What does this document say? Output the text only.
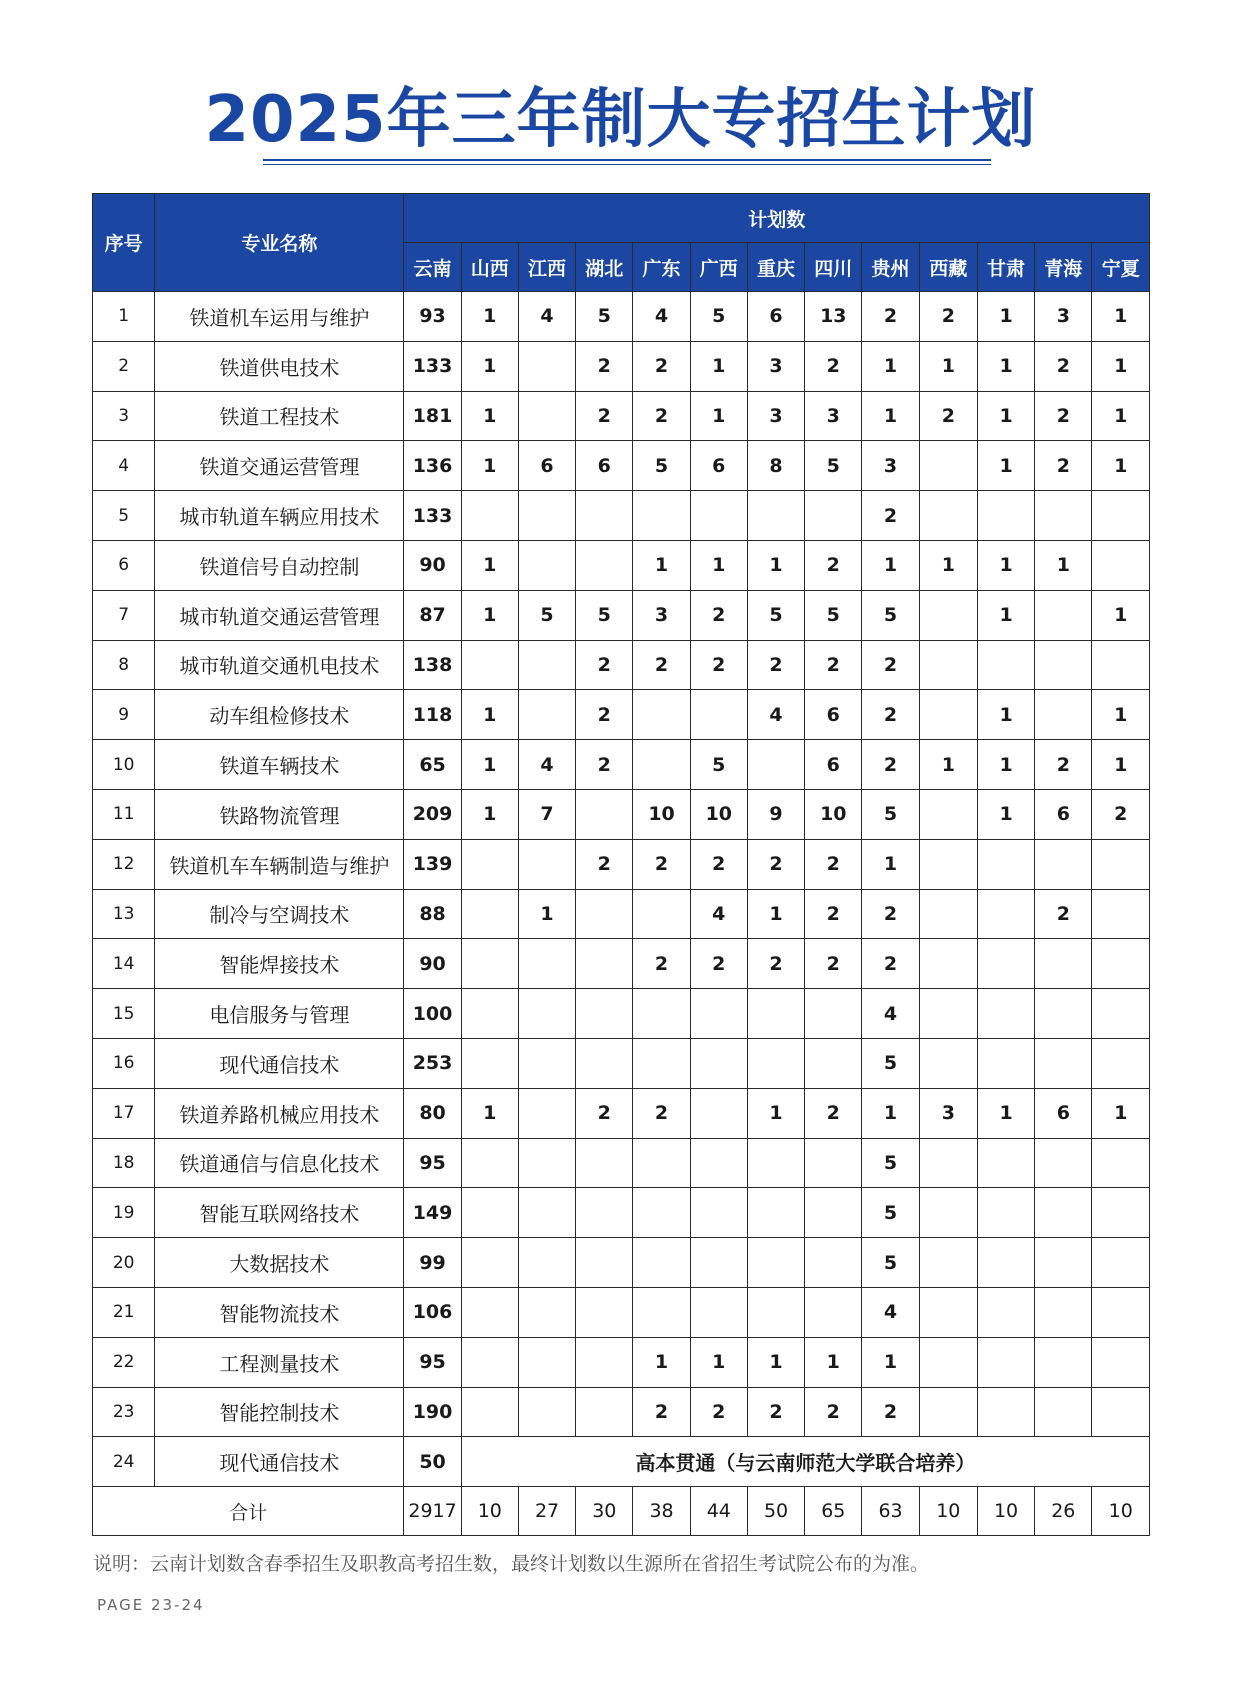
2025年三年制大专招生计划
序号	专业名称	计划数												
		云南	山西	江西	湖北	广东	广西	重庆	四川	贵州	西藏	甘肃	青海	宁夏
1	铁道机车运用与维护	93	1	4	5	4	5	6	13	2	2	1	3	1
2	铁道供电技术	133	1		2	2	1	3	2	1	1	1	2	1
3	铁道工程技术	181	1		2	2	1	3	3	1	2	1	2	1
4	铁道交通运营管理	136	1	6	6	5	6	8	5	3		1	2	1
5	城市轨道车辆应用技术	133								2				
6	铁道信号自动控制	90	1			1	1	1	2	1	1	1	1	
7	城市轨道交通运营管理	87	1	5	5	3	2	5	5	5		1		1
8	城市轨道交通机电技术	138			2	2	2	2	2	2				
9	动车组检修技术	118	1		2			4	6	2		1		1
10	铁道车辆技术	65	1	4	2		5		6	2	1	1	2	1
11	铁路物流管理	209	1	7		10	10	9	10	5		1	6	2
12	铁道机车车辆制造与维护	139			2	2	2	2	2	1				
13	制冷与空调技术	88		1			4	1	2	2			2	
14	智能焊接技术	90				2	2	2	2	2				
15	电信服务与管理	100								4				
16	现代通信技术	253								5				
17	铁道养路机械应用技术	80	1		2	2		1	2	1	3	1	6	1
18	铁道通信与信息化技术	95								5				
19	智能互联网络技术	149								5				
20	大数据技术	99								5				
21	智能物流技术	106								4				
22	工程测量技术	95				1	1	1	1	1				
23	智能控制技术	190				2	2	2	2	2				
24	现代通信技术	50	高本贯通（与云南师范大学联合培养）											
合计		2917	10	27	30	38	44	50	65	63	10	10	26	10
说明：云南计划数含春季招生及职教高考招生数，最终计划数以生源所在省招生考试院公布的为准。
PAGE 23-24
